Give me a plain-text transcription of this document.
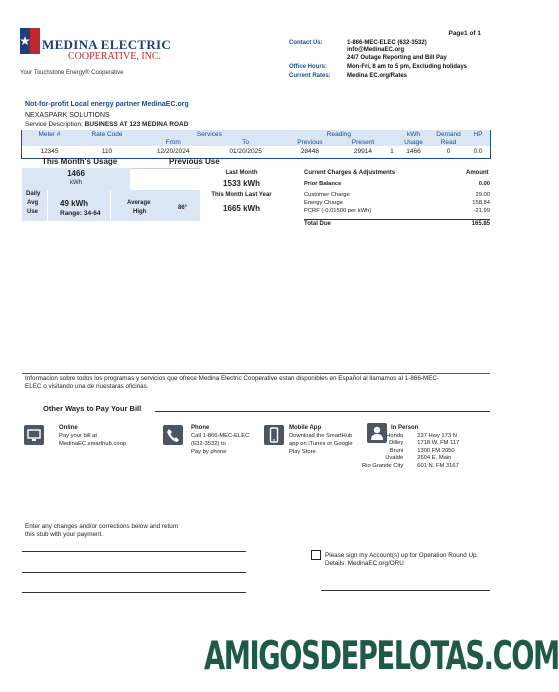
MEDINA ELECTRIC
COOPERATIVE, INC.
Your Touchstone Energy® Cooperative
Page1 of 1
Contact Us:	1-866-MEC-ELEC (632-3532)
info@MedinaEC.org
24/7 Outage Reporting and Bill Pay
Office Hours:	Mon-Fri, 8 am to 5 pm, Excluding holidays
Current Rates:	Medina EC.org/Rates
Not-for-profit Local energy partner MedinaEC.org
NEXASPARK SOLUTIONS
Service Description: BUSINESS AT 123 MEDINA ROAD
Meter #	Rate Code	Services		Reading			kWh	Demand	HP
		From	To	Previous	Present		Usage	Read	
12345	110	12/20/2024	01/20/2025	28448	29914	1	1466	0	0.0
This Month's Usage	Previous Use
1466
kWh
Last Month
1533 kWh
Daily
Avg
Use
49 kWh
Range: 34-64
Average
High
86°
This Month Last Year
1665 kWh
Current Charges & Adjustments	Amount
Prior Balance	0.00

Customer Charge	29.00
Energy Charge	158.84
PCRF (-0.01500 per kWh)	-21.99
Total Due	165.85
Informacion sobre todos los programas y servicios que ofrece Medina Electric Cooperative estan disponibles en Español al llamamos al 1-866-MEC-ELEC o visitando una de nuestaras oficinas.
Other Ways to Pay Your Bill
Online
Pay your bill at
MedinaEC.smarthub.coop
Phone
Call 1-866-MEC-ELEC
(632-3532) to
Pay by phone
Mobile App
Download the SmartHub
app on iTunes or Google
Play Store
In Person
Hondo	237 Hwy 173 N
Dilley	1718 W. FM 117
Bruni	1300 FM 2050
Uvalde	2604 E. Main
Rio Grande City	601 N. FM 3167
Enter any changes and/or corrections below and return
this stub with your payment.
Please sign my Account(s) up for Operation Round Up.
Details: MedinaEC.org/ORU
AMIGOSDEPELOTAS.COM
